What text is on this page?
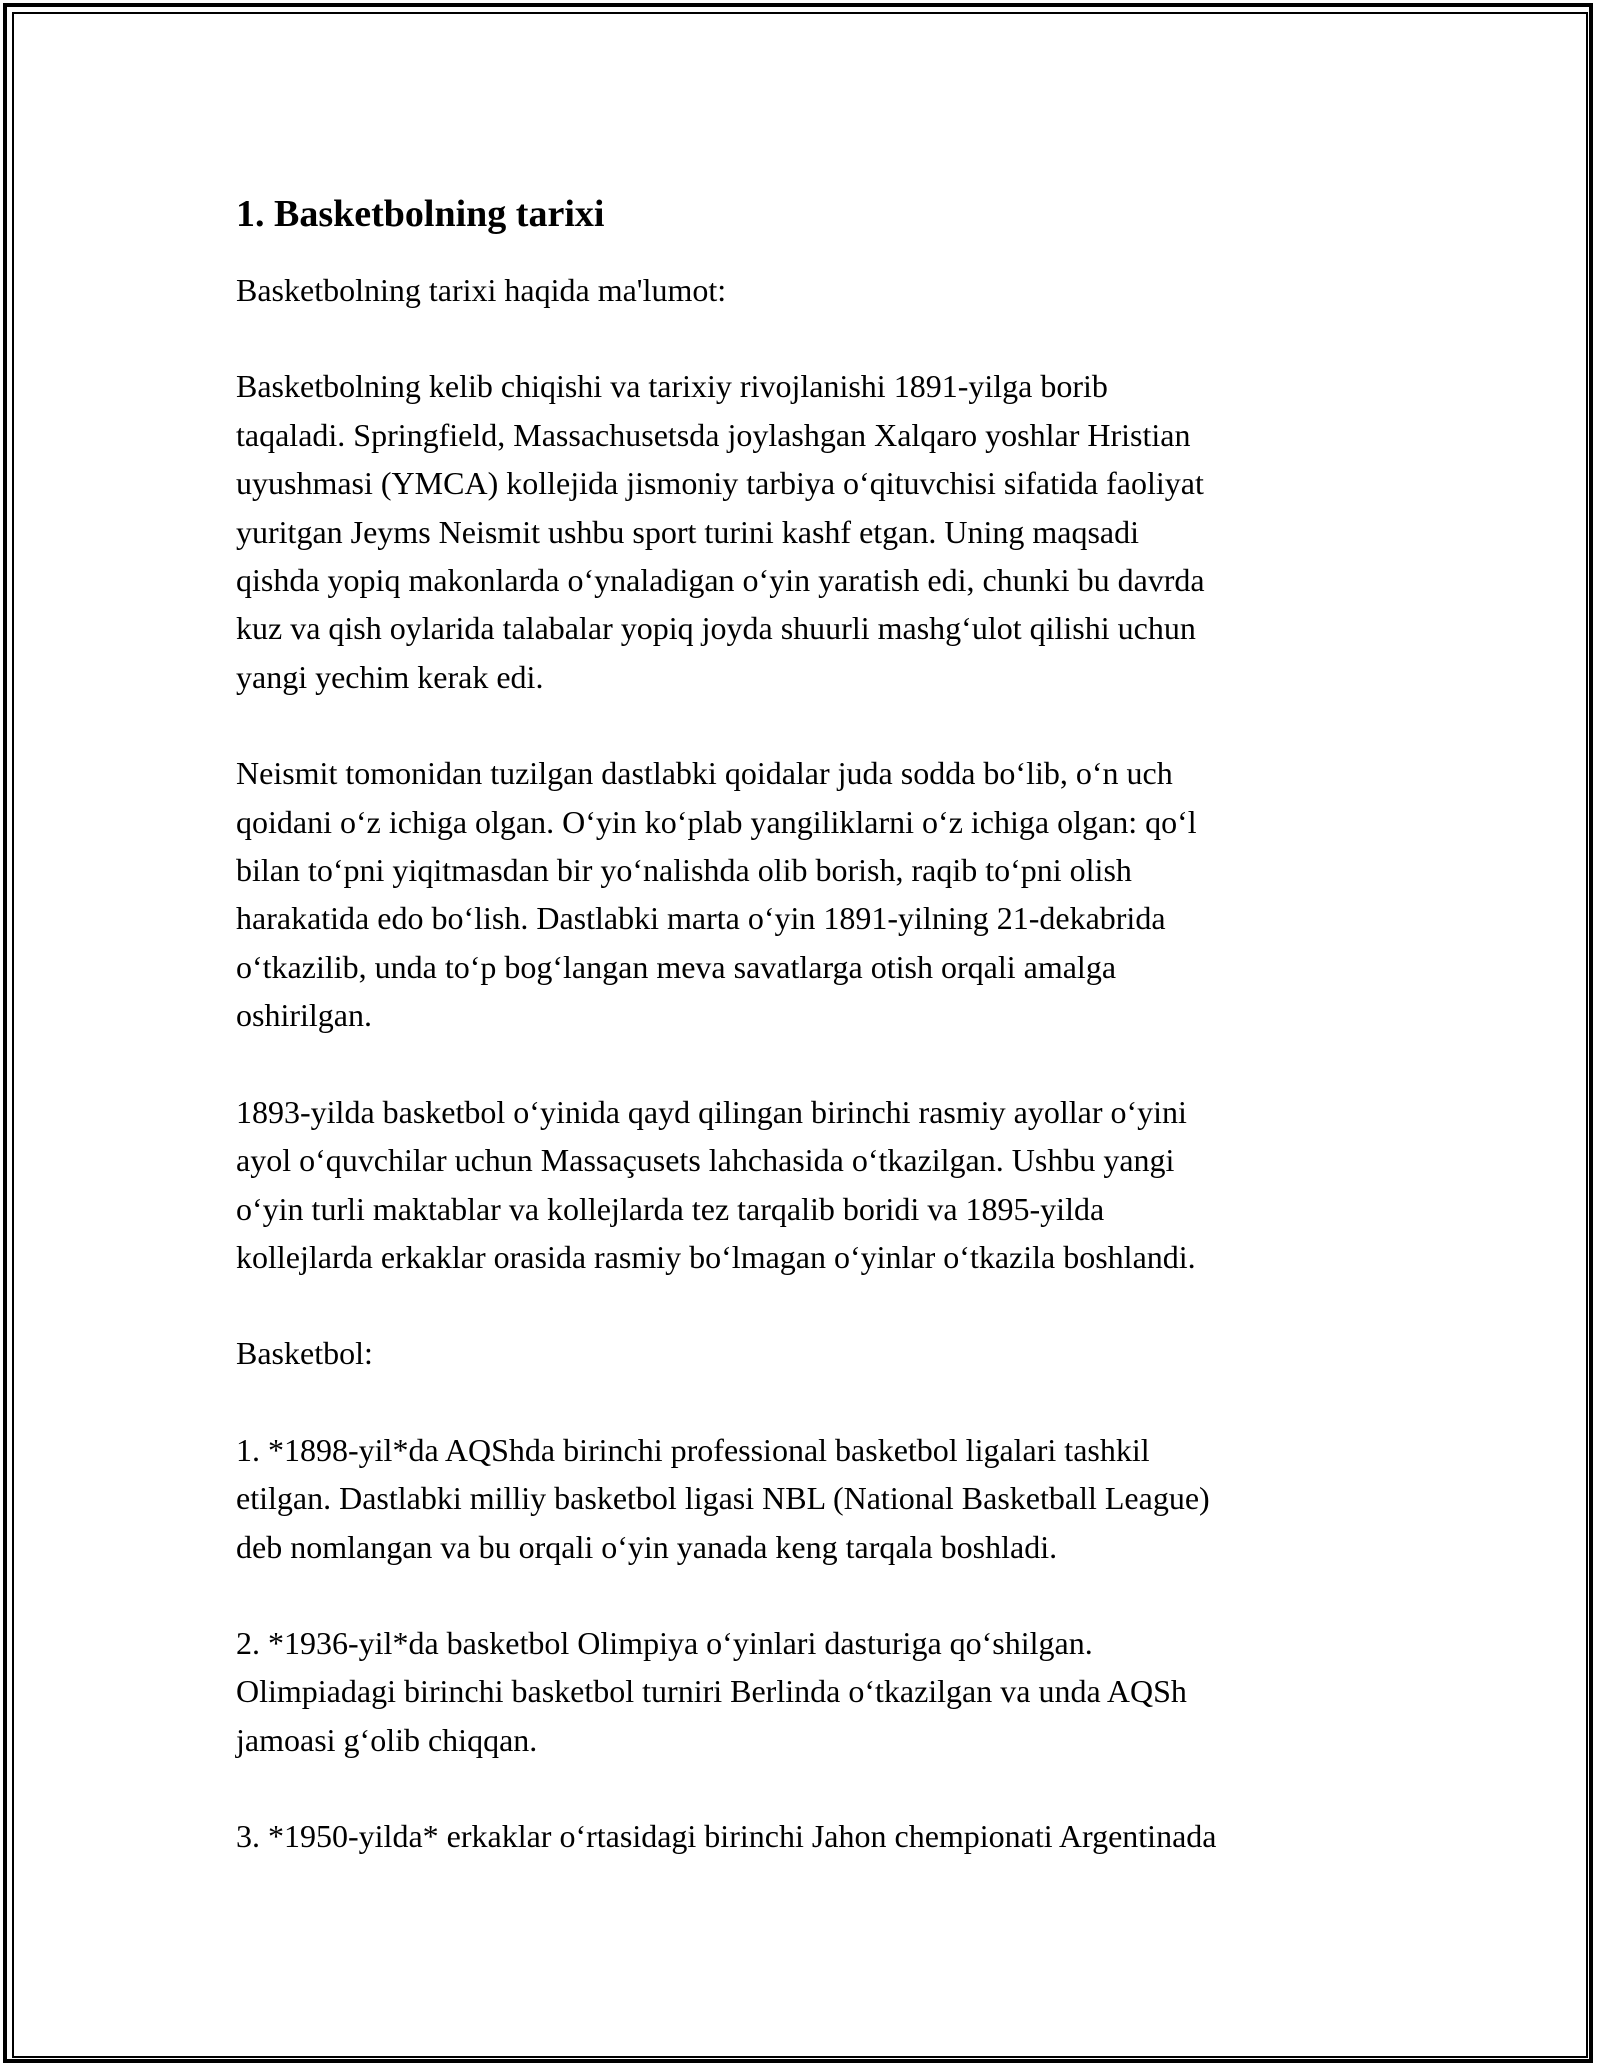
1. Basketbolning tarixi
Basketbolning tarixi haqida ma'lumot:
Basketbolning kelib chiqishi va tarixiy rivojlanishi 1891-yilga borib
taqaladi. Springfield, Massachusetsda joylashgan Xalqaro yoshlar Hristian
uyushmasi (YMCA) kollejida jismoniy tarbiya o‘qituvchisi sifatida faoliyat
yuritgan Jeyms Neismit ushbu sport turini kashf etgan. Uning maqsadi
qishda yopiq makonlarda o‘ynaladigan o‘yin yaratish edi, chunki bu davrda
kuz va qish oylarida talabalar yopiq joyda shuurli mashg‘ulot qilishi uchun
yangi yechim kerak edi.
Neismit tomonidan tuzilgan dastlabki qoidalar juda sodda bo‘lib, o‘n uch
qoidani o‘z ichiga olgan. O‘yin ko‘plab yangiliklarni o‘z ichiga olgan: qo‘l
bilan to‘pni yiqitmasdan bir yo‘nalishda olib borish, raqib to‘pni olish
harakatida edo bo‘lish. Dastlabki marta o‘yin 1891-yilning 21-dekabrida
o‘tkazilib, unda to‘p bog‘langan meva savatlarga otish orqali amalga
oshirilgan.
1893-yilda basketbol o‘yinida qayd qilingan birinchi rasmiy ayollar o‘yini
ayol o‘quvchilar uchun Massaçusets lahchasida o‘tkazilgan. Ushbu yangi
o‘yin turli maktablar va kollejlarda tez tarqalib boridi va 1895-yilda
kollejlarda erkaklar orasida rasmiy bo‘lmagan o‘yinlar o‘tkazila boshlandi.
Basketbol:
1. *1898-yil*da AQShda birinchi professional basketbol ligalari tashkil
etilgan. Dastlabki milliy basketbol ligasi NBL (National Basketball League)
deb nomlangan va bu orqali o‘yin yanada keng tarqala boshladi.
2. *1936-yil*da basketbol Olimpiya o‘yinlari dasturiga qo‘shilgan.
Olimpiadagi birinchi basketbol turniri Berlinda o‘tkazilgan va unda AQSh
jamoasi g‘olib chiqqan.
3. *1950-yilda* erkaklar o‘rtasidagi birinchi Jahon chempionati Argentinada
